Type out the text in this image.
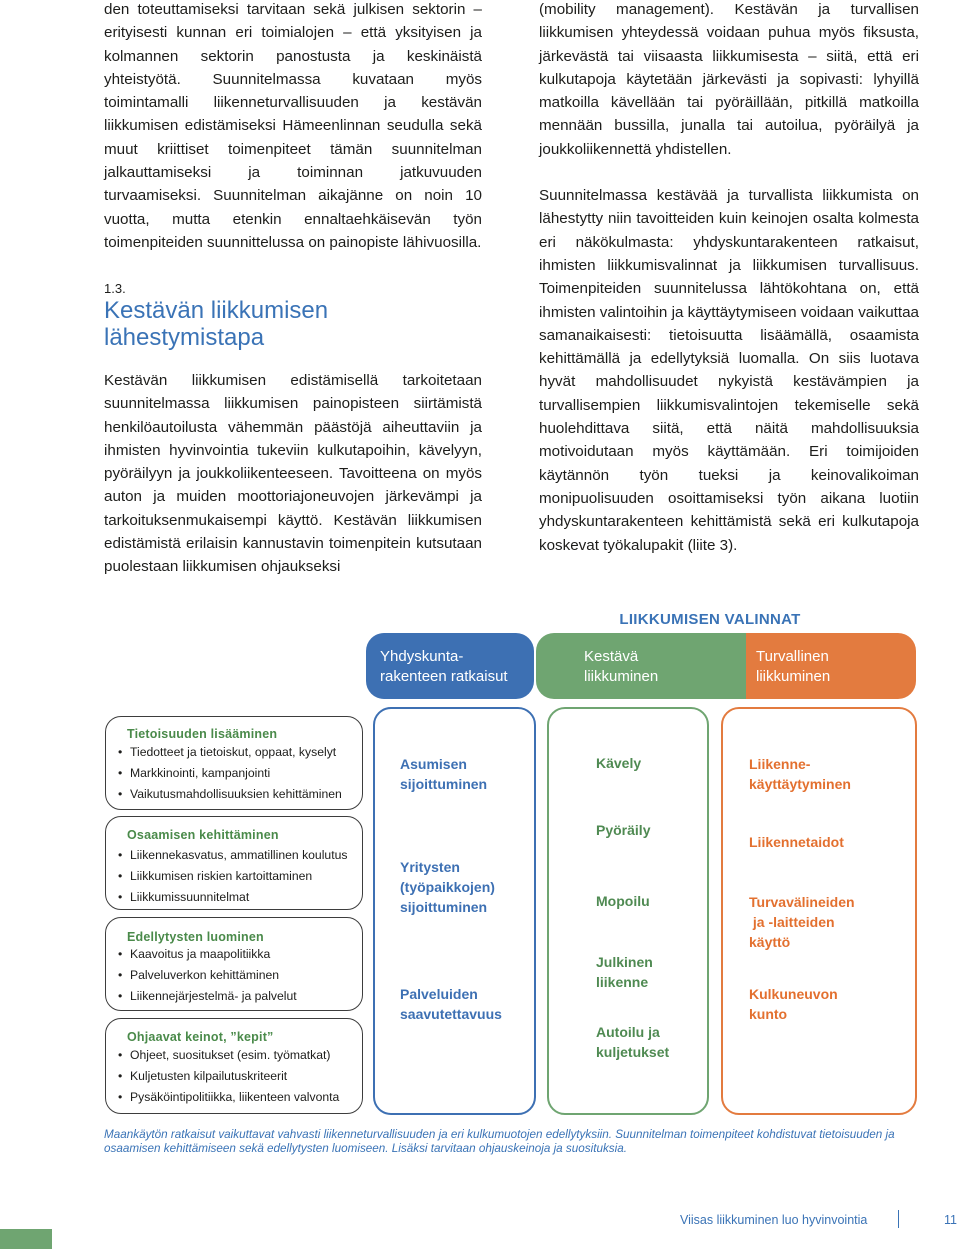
den toteuttamiseksi tarvitaan sekä julkisen sektorin – erityisesti kunnan eri toimialojen – että yksityisen ja kolmannen sektorin panostusta ja keskinäistä yhteistyötä. Suunnitelmassa kuvataan myös toimintamalli liikenneturvallisuuden ja kestävän liikkumisen edistämiseksi Hämeenlinnan seudulla sekä muut kriittiset toimenpiteet tämän suunnitelman jalkauttamiseksi ja toiminnan jatkuvuuden turvaamiseksi. Suunnitelman aikajänne on noin 10 vuotta, mutta etenkin ennaltaehkäisevän työn toimenpiteiden suunnittelussa on painopiste lähivuosilla.

1.3.
Kestävän liikkumisen lähestymistapa
Kestävän liikkumisen edistämisellä tarkoitetaan suunnitelmassa liikkumisen painopisteen siirtämistä henkilöautoilusta vähemmän päästöjä aiheuttaviin ja ihmisten hyvinvointia tukeviin kulkutapoihin, kävelyyn, pyöräilyyn ja joukkoliikenteeseen. Tavoitteena on myös auton ja muiden moottoriajoneuvojen järkevämpi ja tarkoituksenmukaisempi käyttö. Kestävän liikkumisen edistämistä erilaisin kannustavin toimenpitein kutsutaan puolestaan liikkumisen ohjaukseksi

(mobility management). Kestävän ja turvallisen liikkumisen yhteydessä voidaan puhua myös fiksusta, järkevästä tai viisaasta liikkumisesta – siitä, että eri kulkutapoja käytetään järkevästi ja sopivasti: lyhyillä matkoilla kävellään tai pyöräillään, pitkillä matkoilla mennään bussilla, junalla tai autoilua, pyöräilyä ja joukkoliikennettä yhdistellen.

Suunnitelmassa kestävää ja turvallista liikkumista on lähestytty niin tavoitteiden kuin keinojen osalta kolmesta eri näkökulmasta: yhdyskuntarakenteen ratkaisut, ihmisten liikkumisvalinnat ja liikkumisen turvallisuus. Toimenpiteiden suunnitelussa lähtökohtana on, että ihmisten valintoihin ja käyttäytymiseen voidaan vaikuttaa samanaikaisesti: tietoisuutta lisäämällä, osaamista kehittämällä ja edellytyksiä luomalla. On siis luotava hyvät mahdollisuudet nykyistä kestävämpien ja turvallisempien liikkumisvalintojen tekemiselle sekä huolehdittava siitä, että näitä mahdollisuuksia motivoidutaan myös käyttämään. Eri toimijoiden käytännön työn tueksi ja keinovalikoiman monipuolisuuden osoittamiseksi työn aikana luotiin yhdyskuntarakenteen kehittämistä sekä eri kulkutapoja koskevat työkalupakit (liite 3).

LIIKKUMISEN VALINNAT
Turvallinen
liikkuminen
Kestävä
liikkuminen
Yhdyskunta-
rakenteen ratkaisut
Tietoisuuden lisääminen
• Tiedotteet ja tietoiskut, oppaat, kyselyt
• Markkinointi, kampanjointi
• Vaikutusmahdollisuuksien kehittäminen
Osaamisen kehittäminen
• Liikennekasvatus, ammatillinen koulutus
• Liikkumisen riskien kartoittaminen
• Liikkumissuunnitelmat
Edellytysten luominen
• Kaavoitus ja maapolitiikka
• Palveluverkon kehittäminen
• Liikennejärjestelmä- ja palvelut
Ohjaavat keinot, ”kepit”
• Ohjeet, suositukset (esim. työmatkat)
• Kuljetusten kilpailutuskriteerit
• Pysäköintipolitiikka, liikenteen valvonta
Asumisen
sijoittuminen
Yritysten
(työpaikkojen)
sijoittuminen
Palveluiden
saavutettavuus
Kävely
Pyöräily
Mopoilu
Julkinen
liikenne
Autoilu ja
kuljetukset
Liikenne-
käyttäytyminen
Liikennetaidot
Turvavälineiden
ja -laitteiden
käyttö
Kulkuneuvon
kunto
Maankäytön ratkaisut vaikuttavat vahvasti liikenneturvallisuuden ja eri kulkumuotojen edellytyksiin. Suunnitelman toimenpiteet kohdistuvat tietoisuuden ja osaamisen kehittämiseen sekä edellytysten luomiseen. Lisäksi tarvitaan ohjauskeinoja ja suosituksia.
Viisas liikkuminen luo hyvinvointia	11
